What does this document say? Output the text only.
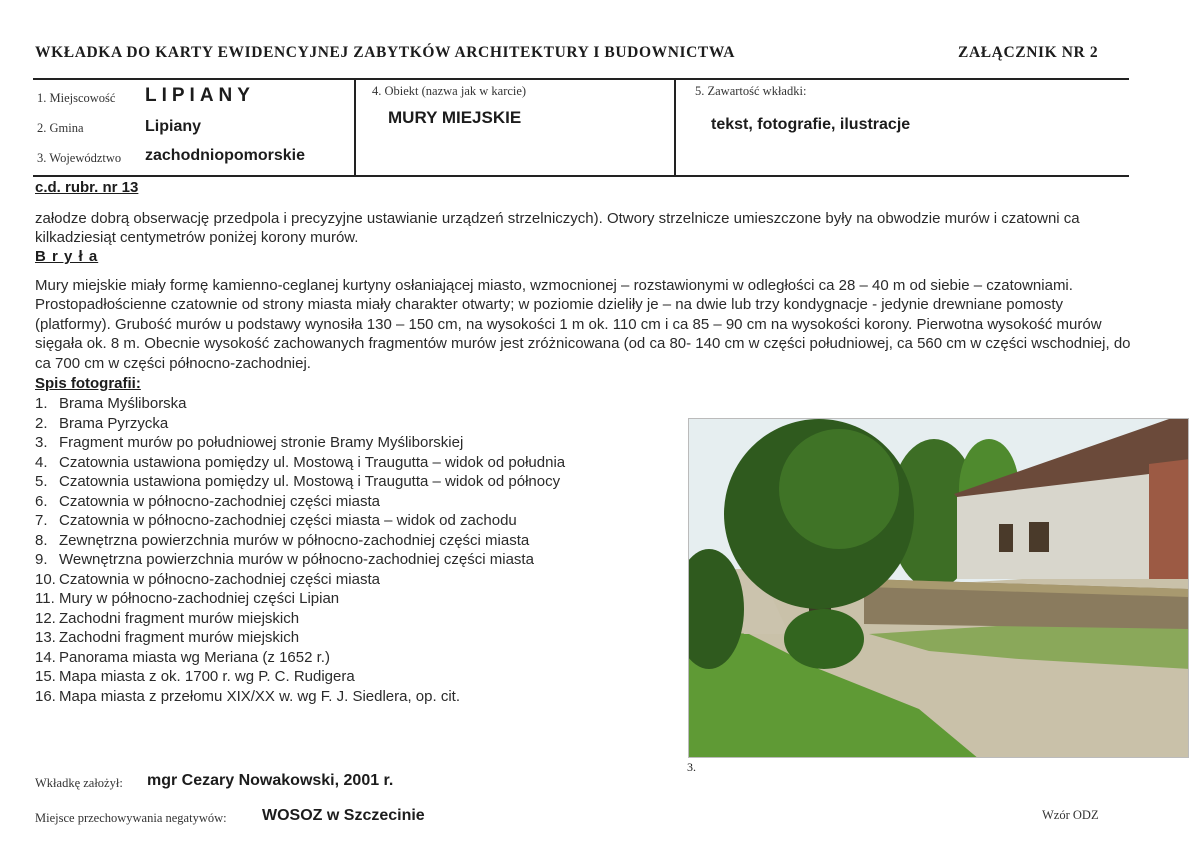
WKŁADKA DO KARTY EWIDENCYJNEJ ZABYTKÓW ARCHITEKTURY I BUDOWNICTWA	ZAŁĄCZNIK NR 2
1. Miejscowość LIPIANY
2. Gmina	Lipiany
3. Województwo zachodniopomorskie
4. Obiekt (nazwa jak w karcie)
MURY MIEJSKIE
5. Zawartość wkładki:
tekst, fotografie, ilustracje
c.d. rubr. nr 13
załodze dobrą obserwację przedpola i precyzyjne ustawianie urządzeń strzelniczych). Otwory strzelnicze umieszczone były na obwodzie murów i czatowni ca kilkadziesiąt centymetrów poniżej korony murów.
B r y ł a
Mury miejskie miały formę kamienno-ceglanej kurtyny osłaniającej miasto, wzmocnionej – rozstawionymi w odległości ca 28 – 40 m od siebie – czatowniami. Prostopadłościenne czatownie od strony miasta miały charakter otwarty; w poziomie dzieliły je – na dwie lub trzy kondygnacje - jedynie drewniane pomosty (platformy). Grubość murów u podstawy wynosiła 130 – 150 cm, na wysokości 1 m ok. 110 cm i ca 85 – 90 cm na wysokości korony. Pierwotna wysokość murów sięgała ok. 8 m. Obecnie wysokość zachowanych fragmentów murów jest zróżnicowana (od ca 80- 140 cm w części południowej, ca 560 cm w części wschodniej, do ca 700 cm w części północno-zachodniej.
Spis fotografii:
1. Brama Myśliborska
2. Brama Pyrzycka
3. Fragment murów po południowej stronie Bramy Myśliborskiej
4. Czatownia ustawiona pomiędzy ul. Mostową i Traugutta – widok od południa
5. Czatownia ustawiona pomiędzy ul. Mostową i Traugutta – widok od północy
6. Czatownia w północno-zachodniej części miasta
7. Czatownia w północno-zachodniej części miasta – widok od zachodu
8. Zewnętrzna powierzchnia murów w północno-zachodniej części miasta
9. Wewnętrzna powierzchnia murów w północno-zachodniej części miasta
10. Czatownia w północno-zachodniej części miasta
11. Mury w północno-zachodniej części Lipian
12. Zachodni fragment murów miejskich
13. Zachodni fragment murów miejskich
14. Panorama miasta wg Meriana (z 1652 r.)
15. Mapa miasta z ok. 1700 r. wg P. C. Rudigera
16. Mapa miasta z przełomu XIX/XX w. wg F. J. Siedlera, op. cit.
3.
Wkładkę założył: mgr Cezary Nowakowski, 2001 r.
Miejsce przechowywania negatywów: WOSOZ w Szczecinie	Wzór ODZ
